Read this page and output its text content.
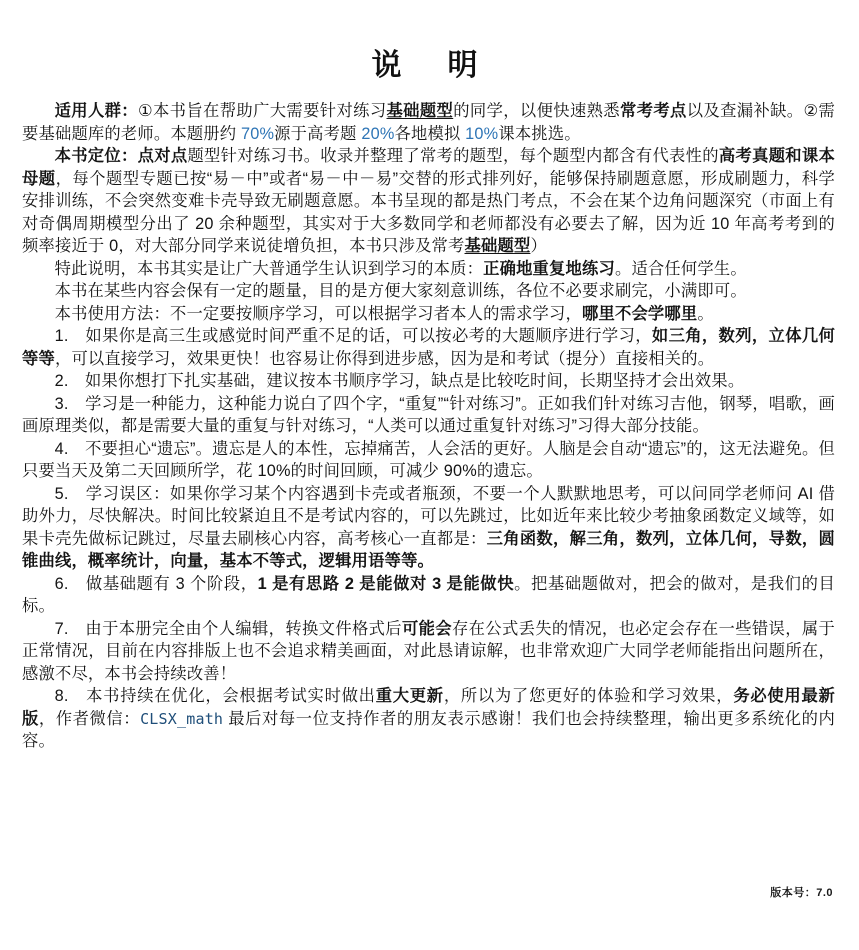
说　明

适用人群：①本书旨在帮助广大需要针对练习基础题型的同学，以便快速熟悉常考考点以及查漏补缺。②需要基础题库的老师。本题册约 70%源于高考题 20%各地模拟 10%课本挑选。

本书定位：点对点题型针对练习书。收录并整理了常考的题型，每个题型内都含有代表性的高考真题和课本母题，每个题型专题已按“易－中”或者“易－中－易”交替的形式排列好，能够保持刷题意愿，形成刷题力，科学安排训练，不会突然变难卡壳导致无刷题意愿。本书呈现的都是热门考点，不会在某个边角问题深究（市面上有对奇偶周期模型分出了 20 余种题型，其实对于大多数同学和老师都没有必要去了解，因为近 10 年高考考到的频率接近于 0，对大部分同学来说徒增负担，本书只涉及常考基础题型）

特此说明，本书其实是让广大普通学生认识到学习的本质：正确地重复地练习。适合任何学生。

本书在某些内容会保有一定的题量，目的是方便大家刻意训练，各位不必要求刷完，小满即可。

本书使用方法：不一定要按顺序学习，可以根据学习者本人的需求学习，哪里不会学哪里。

1.　如果你是高三生或感觉时间严重不足的话，可以按必考的大题顺序进行学习，如三角，数列，立体几何等等，可以直接学习，效果更快！也容易让你得到进步感，因为是和考试（提分）直接相关的。

2.　如果你想打下扎实基础，建议按本书顺序学习，缺点是比较吃时间，长期坚持才会出效果。

3.　学习是一种能力，这种能力说白了四个字，“重复”“针对练习”。正如我们针对练习吉他，钢琴，唱歌，画画原理类似，都是需要大量的重复与针对练习，“人类可以通过重复针对练习”习得大部分技能。

4.　不要担心“遗忘”。遗忘是人的本性，忘掉痛苦，人会活的更好。人脑是会自动“遗忘”的，这无法避免。但只要当天及第二天回顾所学，花 10%的时间回顾，可减少 90%的遗忘。

5.　学习误区：如果你学习某个内容遇到卡壳或者瓶颈，不要一个人默默地思考，可以问同学老师问 AI 借助外力，尽快解决。时间比较紧迫且不是考试内容的，可以先跳过，比如近年来比较少考抽象函数定义域等，如果卡壳先做标记跳过，尽量去刷核心内容，高考核心一直都是：三角函数，解三角，数列，立体几何，导数，圆锥曲线，概率统计，向量，基本不等式，逻辑用语等等。

6.　做基础题有 3 个阶段，1 是有思路 2 是能做对 3 是能做快。把基础题做对，把会的做对，是我们的目标。

7.　由于本册完全由个人编辑，转换文件格式后可能会存在公式丢失的情况，也必定会存在一些错误，属于正常情况，目前在内容排版上也不会追求精美画面，对此恳请谅解，也非常欢迎广大同学老师能指出问题所在，感激不尽，本书会持续改善！

8.　本书持续在优化，会根据考试实时做出重大更新，所以为了您更好的体验和学习效果，务必使用最新版，作者微信：CLSX_math 最后对每一位支持作者的朋友表示感谢！我们也会持续整理，输出更多系统化的内容。

版本号：7.0
